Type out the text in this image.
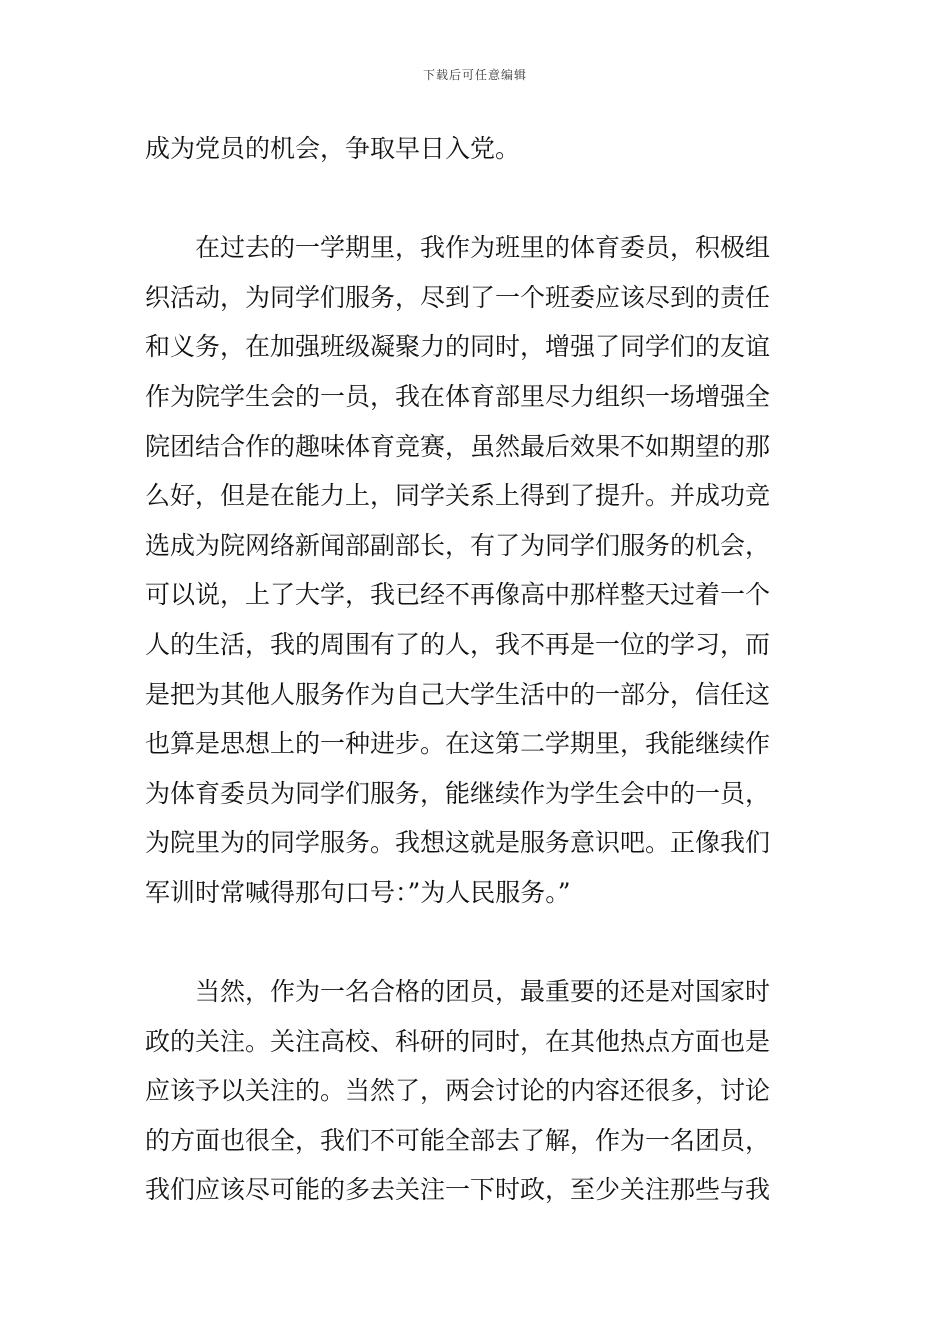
下载后可任意编辑
成为党员的机会，争取早日入党。
　　在过去的一学期里，我作为班里的体育委员，积极组
织活动，为同学们服务，尽到了一个班委应该尽到的责任
和义务，在加强班级凝聚力的同时，增强了同学们的友谊
作为院学生会的一员，我在体育部里尽力组织一场增强全
院团结合作的趣味体育竞赛，虽然最后效果不如期望的那
么好，但是在能力上，同学关系上得到了提升。并成功竞
选成为院网络新闻部副部长，有了为同学们服务的机会，
可以说，上了大学，我已经不再像高中那样整天过着一个
人的生活，我的周围有了的人，我不再是一位的学习，而
是把为其他人服务作为自己大学生活中的一部分，信任这
也算是思想上的一种进步。在这第二学期里，我能继续作
为体育委员为同学们服务，能继续作为学生会中的一员，
为院里为的同学服务。我想这就是服务意识吧。正像我们
军训时常喊得那句口号：”为人民服务。”
　　当然，作为一名合格的团员，最重要的还是对国家时
政的关注。关注高校、科研的同时，在其他热点方面也是
应该予以关注的。当然了，两会讨论的内容还很多，讨论
的方面也很全，我们不可能全部去了解，作为一名团员，
我们应该尽可能的多去关注一下时政，至少关注那些与我
